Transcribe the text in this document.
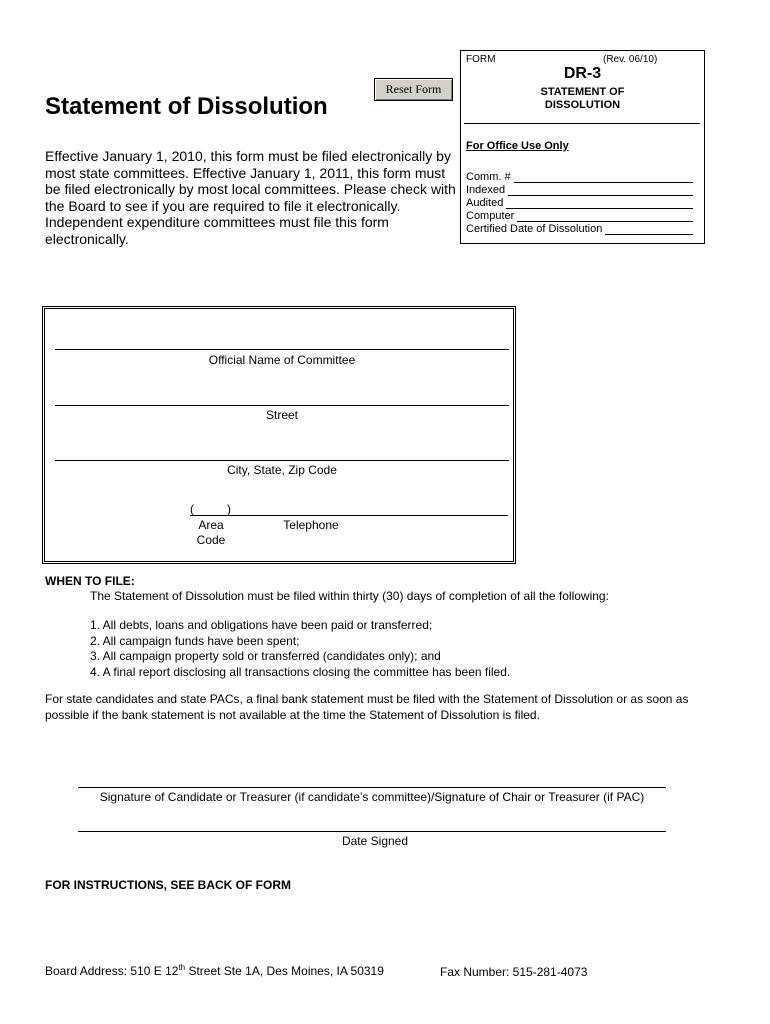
Reset Form
Statement of Dissolution

Effective January 1, 2010, this form must be filed electronically by most state committees. Effective January 1, 2011, this form must be filed electronically by most local committees. Please check with the Board to see if you are required to file it electronically. Independent expenditure committees must file this form electronically.

FORM	(Rev. 06/10)
DR-3
STATEMENT OF
DISSOLUTION
For Office Use Only
Comm. #
Indexed
Audited
Computer
Certified Date of Dissolution
Official Name of Committee
Street
City, State, Zip Code
(	)
Area
Code
Telephone
WHEN TO FILE:
The Statement of Dissolution must be filed within thirty (30) days of completion of all the following:
1. All debts, loans and obligations have been paid or transferred;
2. All campaign funds have been spent;
3. All campaign property sold or transferred (candidates only); and
4. A final report disclosing all transactions closing the committee has been filed.

For state candidates and state PACs, a final bank statement must be filed with the Statement of Dissolution or as soon as possible if the bank statement is not available at the time the Statement of Dissolution is filed.

Signature of Candidate or Treasurer (if candidate’s committee)/Signature of Chair or Treasurer (if PAC)
Date Signed
FOR INSTRUCTIONS, SEE BACK OF FORM
Board Address: 510 E 12th Street Ste 1A, Des Moines, IA 50319	Fax Number: 515-281-4073
